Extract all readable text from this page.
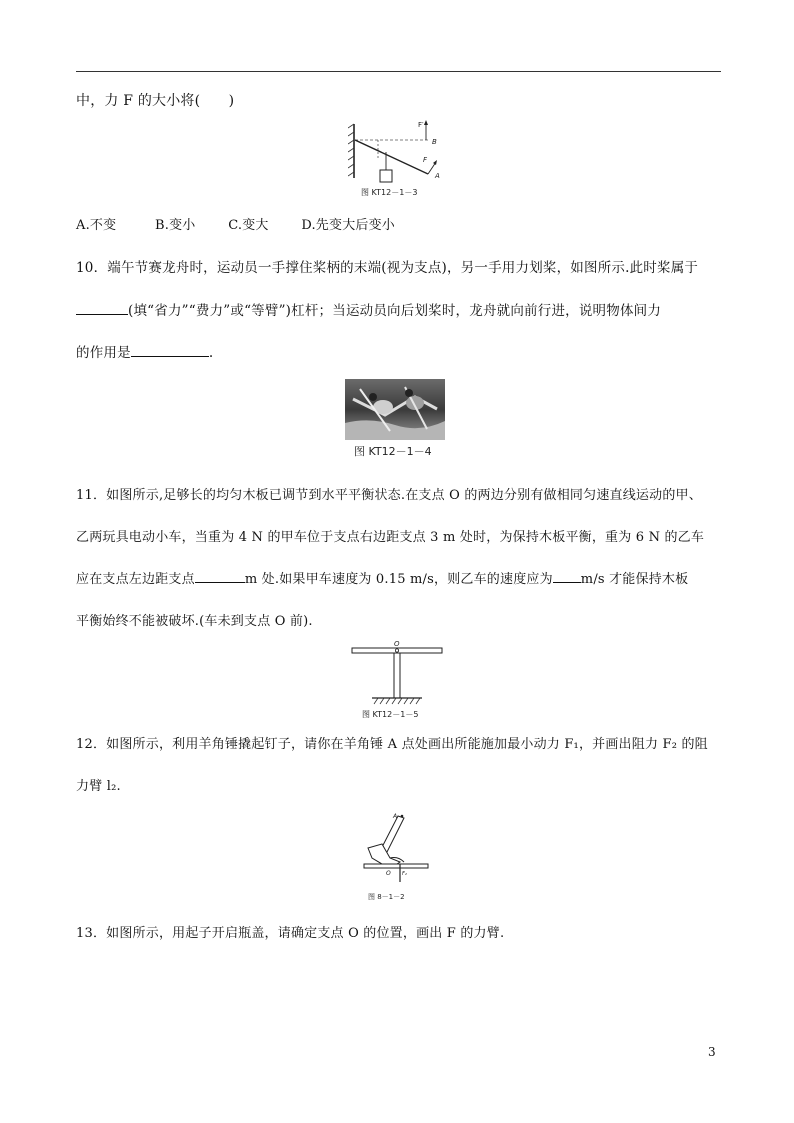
中，力 F 的大小将(　　)
F′
B
F
A
图 KT12－1－3
A.不变	B.变小	C.变大	D.先变大后变小
10．端午节赛龙舟时，运动员一手撑住桨柄的末端(视为支点)，另一手用力划桨，如图所示.此时桨属于
(填“省力”“费力”或“等臂”)杠杆；当运动员向后划桨时，龙舟就向前行进，说明物体间力
的作用是	.
图 KT12－1－4
11．如图所示,足够长的均匀木板已调节到水平平衡状态.在支点 O 的两边分别有做相同匀速直线运动的甲、
乙两玩具电动小车，当重为 4 N 的甲车位于支点右边距支点 3 m 处时，为保持木板平衡，重为 6 N 的乙车
应在支点左边距支点	m 处.如果甲车速度为 0.15 m/s，则乙车的速度应为 m/s 才能保持木板
平衡始终不能被破坏.(车未到支点 O 前).
O
图 KT12－1－5
12．如图所示，利用羊角锤撬起钉子，请你在羊角锤 A 点处画出所能施加最小动力 F₁，并画出阻力 F₂ 的阻
力臂 l₂.
A
O F₂
图 8－1－2
13．如图所示，用起子开启瓶盖，请确定支点 O 的位置，画出 F 的力臂.
3
